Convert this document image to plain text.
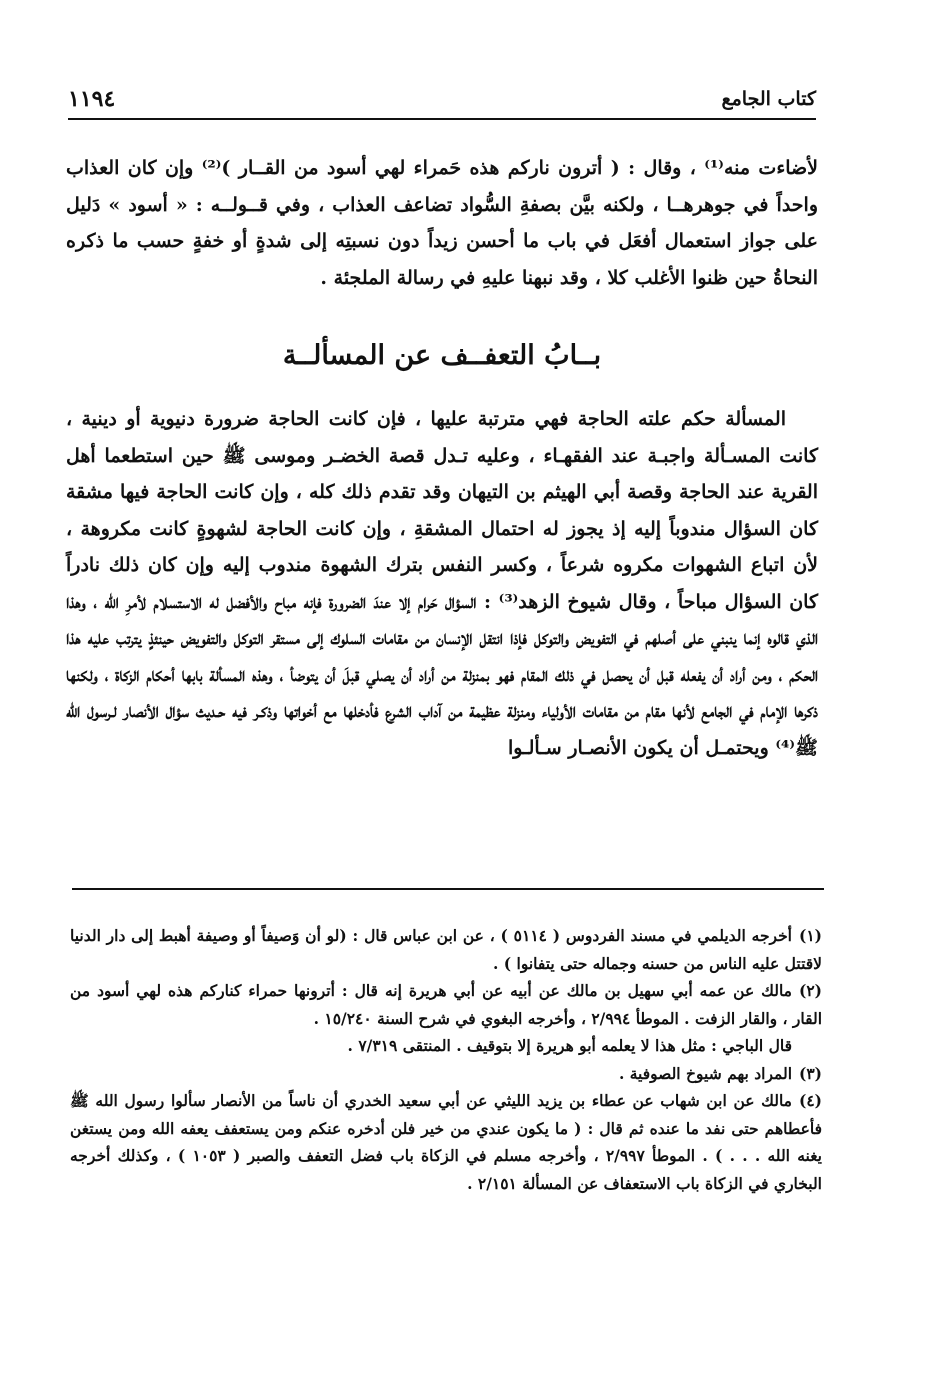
كتاب الجامع
١١٩٤

لأضاءت منه⁽¹⁾ ، وقال : ( أترون ناركم هذه حَمراء لهي أسود من القــار )⁽²⁾ وإن كان العذاب واحداً في جوهرهــا ، ولكنه بيَّن بصفةِ السُّواد تضاعف العذاب ، وفي قــولــه : « أسود » دَليل على جواز استعمال أفعَل في باب ما أحسن زيداً دون نسبتِه إلى شدةٍ أو خفةٍ حسب ما ذكره النحاةُ حين ظنوا الأغلب كلا ، وقد نبهنا عليهِ في رسالة الملجئة .

بــابُ التعفــف عن المسألــة

المسألة حكم علته الحاجة فهي مترتبة عليها ، فإن كانت الحاجة ضرورة دنيوية أو دينية ، كانت المسـألة واجبـة عند الفقهـاء ، وعليه تـدل قصة الخضـر وموسى ﷺ حين استطعما أهل القرية عند الحاجة وقصة أبي الهيثم بن التيهان وقد تقدم ذلك كله ، وإن كانت الحاجة فيها مشقة كان السؤال مندوباً إليه إذ يجوز له احتمال المشقةِ ، وإن كانت الحاجة لشهوةٍ كانت مكروهة ، لأن اتباع الشهوات مكروه شرعاً ، وكسر النفس بترك الشهوة مندوب إليه وإن كان ذلك نادراً كان السؤال مباحاً ، وقال شيوخ الزهد⁽³⁾ : السؤال حَرام إلا عندَ الضرورة فإنه مباح والأفضل له الاستسلام لأمرِ الله ، وهذا الذي قالوه إنما ينبني على أصلهم في التفويض والتوكل فإذا انتقل الإنسان من مقامات السلوك إلى مستقر التوكل والتفويض حينئذٍ يترتب عليه هذا الحكم ، ومن أراد أن يفعله قبل أن يحصل في ذلك المقام فهو بمنزلة من أراد أن يصلي قبلَ أن يتوضأ ، وهذه المسألة بابها أحكام الزكاة ، ولكنها ذكرها الإمام في الجامع لأنها مقام من مقامات الأولياء ومنزلة عظيمة من آداب الشرع فأدخلها مع أخواتها وذكـر فيه حـديث سؤال الأنصار لـرسول الله ﷺ⁽⁴⁾ ويحتمـل أن يكون الأنصـار سـألـوا

(١)أخرجه الديلمي في مسند الفردوس ( ٥١١٤ ) ، عن ابن عباس قال : (لو أن وَصيفاً أو وصيفة أهبط إلى دار الدنيا لاقتتل عليه الناس من حسنه وجماله حتى يتفانوا ) .

(٢)مالك عن عمه أبي سهيل بن مالك عن أبيه عن أبي هريرة إنه قال : أترونها حمراء كناركم هذه لهي أسود من القار ، والقار الزفت . الموطأ ٢/٩٩٤ ، وأخرجه البغوي في شرح السنة ١٥/٢٤٠ .

قال الباجي : مثل هذا لا يعلمه أبو هريرة إلا بتوقيف . المنتقى ٧/٣١٩ .

(٣)المراد بهم شيوخ الصوفية .

(٤)مالك عن ابن شهاب عن عطاء بن يزيد الليثي عن أبي سعيد الخدري أن ناساً من الأنصار سألوا رسول الله ﷺ فأعطاهم حتى نفد ما عنده ثم قال : ( ما يكون عندي من خير فلن أدخره عنكم ومن يستعفف يعفه الله ومن يستغن يغنه الله . . . ) . الموطأ ٢/٩٩٧ ، وأخرجه مسلم في الزكاة باب فضل التعفف والصبر ( ١٠٥٣ ) ، وكذلك أخرجه البخاري في الزكاة باب الاستعفاف عن المسألة ٢/١٥١ .
